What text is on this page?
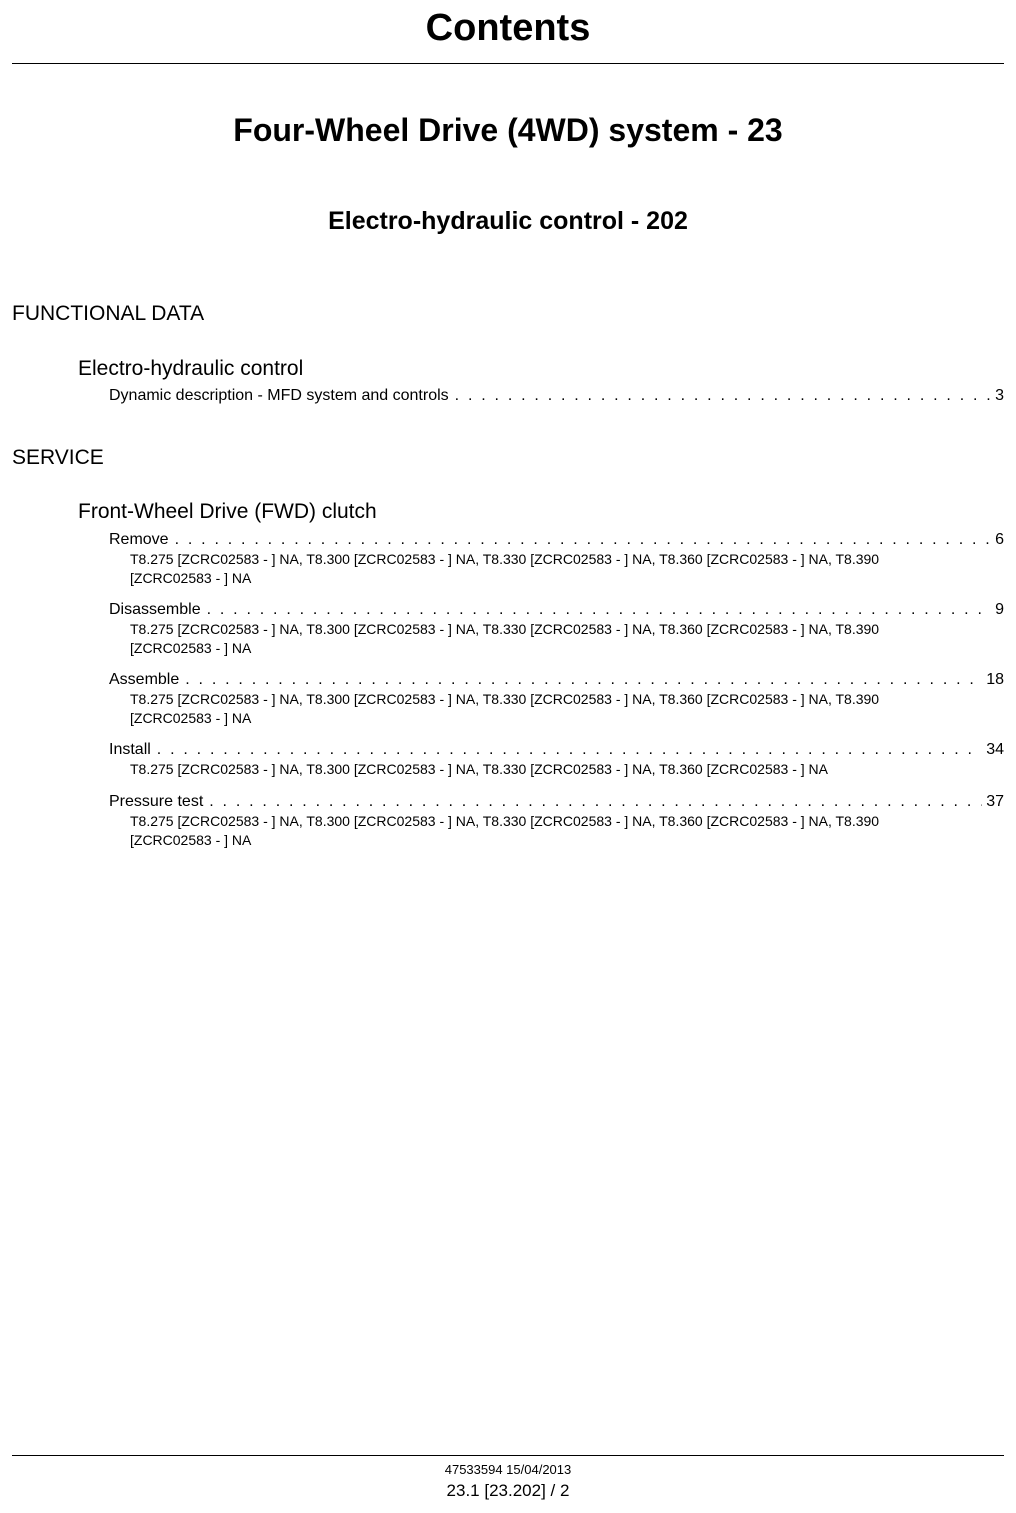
Contents
Four-Wheel Drive (4WD) system - 23
Electro-hydraulic control - 202
FUNCTIONAL DATA
Electro-hydraulic control
Dynamic description - MFD system and controls . . .	3
SERVICE
Front-Wheel Drive (FWD) clutch
Remove . . .	6
T8.275 [ZCRC02583 - ] NA, T8.300 [ZCRC02583 - ] NA, T8.330 [ZCRC02583 - ] NA, T8.360 [ZCRC02583 - ] NA, T8.390 [ZCRC02583 - ] NA
Disassemble . . .	9
T8.275 [ZCRC02583 - ] NA, T8.300 [ZCRC02583 - ] NA, T8.330 [ZCRC02583 - ] NA, T8.360 [ZCRC02583 - ] NA, T8.390 [ZCRC02583 - ] NA
Assemble . . .	18
T8.275 [ZCRC02583 - ] NA, T8.300 [ZCRC02583 - ] NA, T8.330 [ZCRC02583 - ] NA, T8.360 [ZCRC02583 - ] NA, T8.390 [ZCRC02583 - ] NA
Install . . .	34
T8.275 [ZCRC02583 - ] NA, T8.300 [ZCRC02583 - ] NA, T8.330 [ZCRC02583 - ] NA, T8.360 [ZCRC02583 - ] NA
Pressure test . . .	37
T8.275 [ZCRC02583 - ] NA, T8.300 [ZCRC02583 - ] NA, T8.330 [ZCRC02583 - ] NA, T8.360 [ZCRC02583 - ] NA, T8.390 [ZCRC02583 - ] NA
47533594 15/04/2013
23.1 [23.202] / 2
